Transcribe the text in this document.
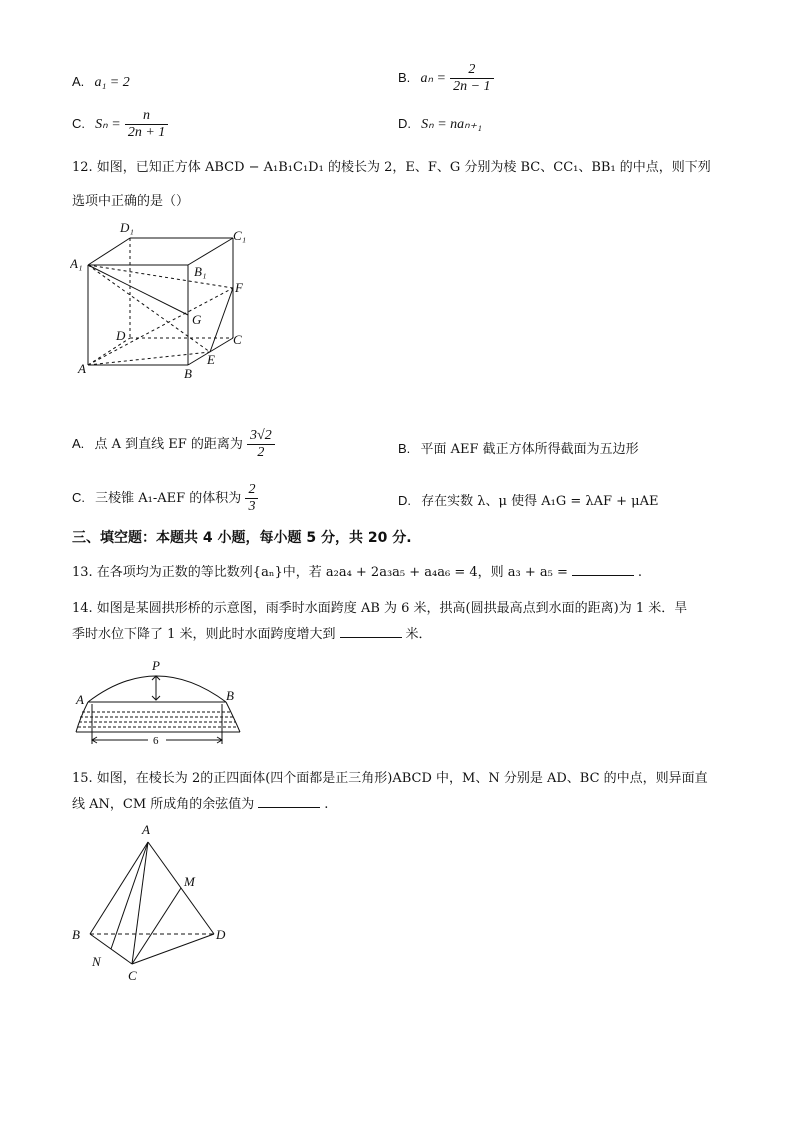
A. a₁ = 2	B. $a_n = \frac{2}{2n - 1}$
C. $S_n = \frac{n}{2n + 1}$	D. Sₙ = naₙ₊₁
12. 如图，已知正方体 ABCD − A₁B₁C₁D₁ 的棱长为 2，E、F、G 分别为棱 BC、CC₁、BB₁ 的中点，则下列
选项中正确的是（）
D₁
C₁
A₁
B₁
F
G
D	C
E
A	B
A. 点 A 到直线 EF 的距离为 $\frac{3√2}{2}$	B. 平面 AEF 截正方体所得截面为五边形
C. 三棱锥 A₁-AEF 的体积为 $\frac{2}{3}$	D. 存在实数 λ、μ 使得 A₁G = λAF + μAE
三、填空题：本题共 4 小题，每小题 5 分，共 20 分.
13. 在各项均为正数的等比数列{aₙ}中，若 a₂a₄ + 2a₃a₅ + a₄a₆ = 4，则 a₃ + a₅ =	.
14. 如图是某圆拱形桥的示意图，雨季时水面跨度 AB 为 6 米，拱高(圆拱最高点到水面的距离)为 1 米．旱
季时水位下降了 1 米，则此时水面跨度增大到	米．
P
A	B
6
15. 如图，在棱长为 2的正四面体(四个面都是正三角形)ABCD 中，M、N 分别是 AD、BC 的中点，则异面直
线 AN，CM 所成角的余弦值为	.
A
M
B	D
N
C
